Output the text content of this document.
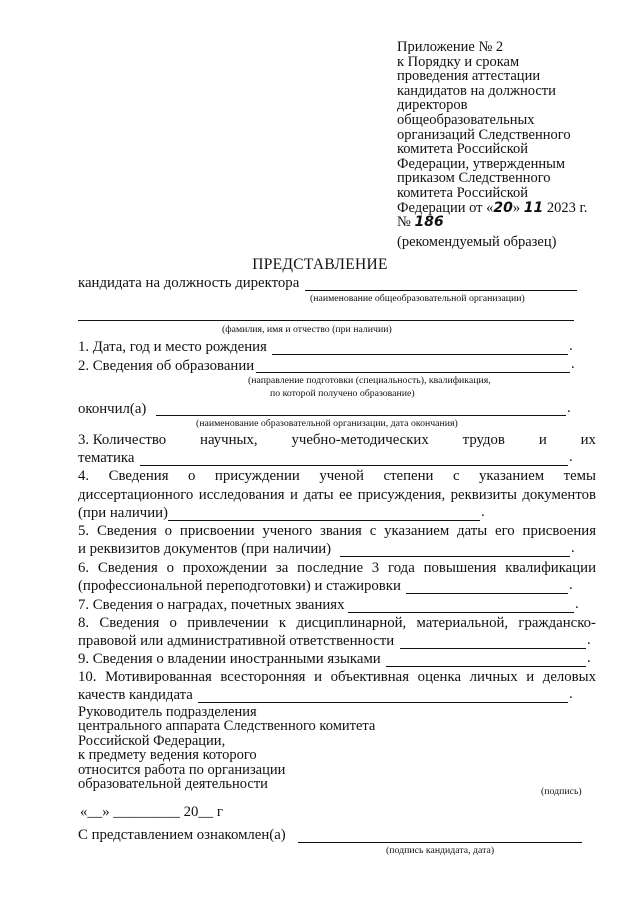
Приложение № 2
к Порядку и срокам
проведения аттестации
кандидатов на должности
директоров
общеобразовательных
организаций Следственного
комитета Российской
Федерации, утвержденным
приказом Следственного
комитета Российской
Федерации от «20» 11 2023 г.
№ 186
(рекомендуемый образец)
ПРЕДСТАВЛЕНИЕ
кандидата на должность директора
(наименование общеобразовательной организации)
(фамилия, имя и отчество (при наличии)
1. Дата, год и место рождения	.
2. Сведения об образовании	.
(направление подготовки (специальность), квалификация,
по которой получено образование)
окончил(а)	.
(наименование образовательной организации, дата окончания)
3. Количество научных, учебно-методических трудов и их
тематика	.
4. Сведения о присуждении ученой степени с указанием темы
диссертационного исследования и даты ее присуждения, реквизиты документов
(при наличии)	.
5. Сведения о присвоении ученого звания с указанием даты его присвоения
и реквизитов документов (при наличии)	.
6. Сведения о прохождении за последние 3 года повышения квалификации
(профессиональной переподготовки) и стажировки	.
7. Сведения о наградах, почетных званиях	.
8. Сведения о привлечении к дисциплинарной, материальной, гражданско-
правовой или административной ответственности	.
9. Сведения о владении иностранными языками	.
10. Мотивированная всесторонняя и объективная оценка личных и деловых
качеств кандидата	.
Руководитель подразделения
центрального аппарата Следственного комитета
Российской Федерации,
к предмету ведения которого
относится работа по организации
образовательной деятельности	(подпись)
«__» _________ 20__ г
С представлением ознакомлен(а)
(подпись кандидата, дата)
